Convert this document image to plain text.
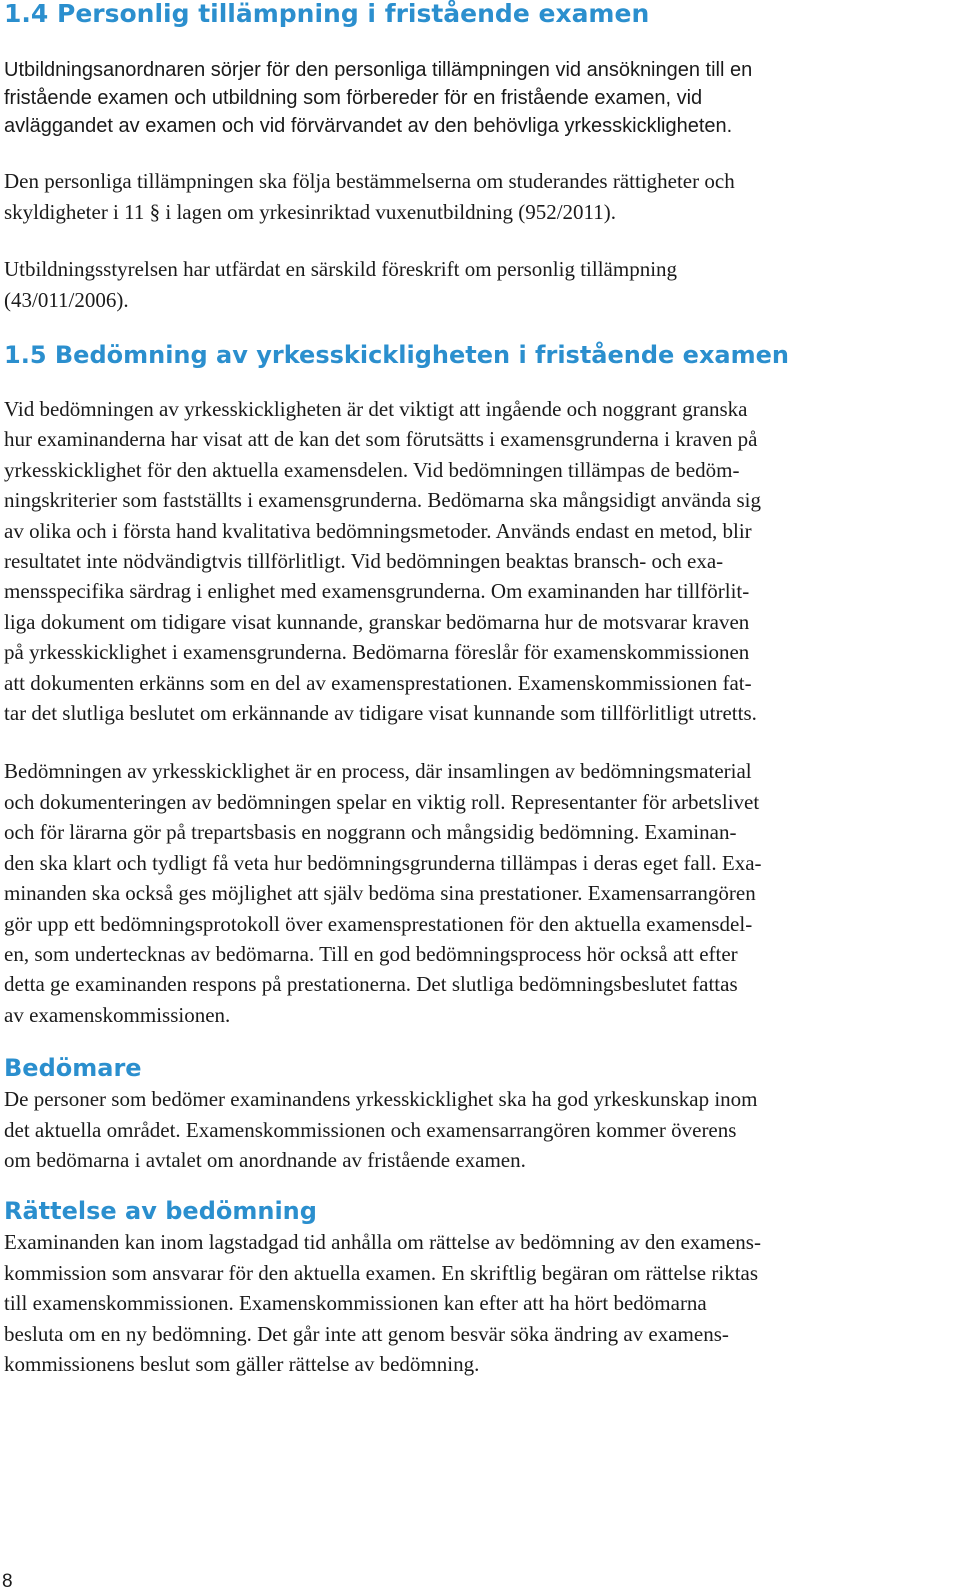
1.4 Personlig tillämpning i fristående examen
Utbildningsanordnaren sörjer för den personliga tillämpningen vid ansökningen till en
fristående examen och utbildning som förbereder för en fristående examen, vid
avläggandet av examen och vid förvärvandet av den behövliga yrkesskickligheten.
Den personliga tillämpningen ska följa bestämmelserna om studerandes rättigheter och
skyldigheter i 11 § i lagen om yrkesinriktad vuxenutbildning (952/2011).
Utbildningsstyrelsen har utfärdat en särskild föreskrift om personlig tillämpning
(43/011/2006).
1.5 Bedömning av yrkesskickligheten i fristående examen
Vid bedömningen av yrkesskickligheten är det viktigt att ingående och noggrant granska
hur examinanderna har visat att de kan det som förutsätts i examensgrunderna i kraven på
yrkesskicklighet för den aktuella examensdelen. Vid bedömningen tillämpas de bedöm-
ningskriterier som fastställts i examensgrunderna. Bedömarna ska mångsidigt använda sig
av olika och i första hand kvalitativa bedömningsmetoder. Används endast en metod, blir
resultatet inte nödvändigtvis tillförlitligt. Vid bedömningen beaktas bransch- och exa-
mensspecifika särdrag i enlighet med examensgrunderna. Om examinanden har tillförlit-
liga dokument om tidigare visat kunnande, granskar bedömarna hur de motsvarar kraven
på yrkesskicklighet i examensgrunderna. Bedömarna föreslår för examenskommissionen
att dokumenten erkänns som en del av examensprestationen. Examenskommissionen fat-
tar det slutliga beslutet om erkännande av tidigare visat kunnande som tillförlitligt utretts.
Bedömningen av yrkesskicklighet är en process, där insamlingen av bedömningsmaterial
och dokumenteringen av bedömningen spelar en viktig roll. Representanter för arbetslivet
och för lärarna gör på trepartsbasis en noggrann och mångsidig bedömning. Examinan-
den ska klart och tydligt få veta hur bedömningsgrunderna tillämpas i deras eget fall. Exa-
minanden ska också ges möjlighet att själv bedöma sina prestationer. Examensarrangören
gör upp ett bedömningsprotokoll över examensprestationen för den aktuella examensdel-
en, som undertecknas av bedömarna. Till en god bedömningsprocess hör också att efter
detta ge examinanden respons på prestationerna. Det slutliga bedömningsbeslutet fattas
av examenskommissionen.
Bedömare
De personer som bedömer examinandens yrkesskicklighet ska ha god yrkeskunskap inom
det aktuella området. Examenskommissionen och examensarrangören kommer överens
om bedömarna i avtalet om anordnande av fristående examen.
Rättelse av bedömning
Examinanden kan inom lagstadgad tid anhålla om rättelse av bedömning av den examens-
kommission som ansvarar för den aktuella examen. En skriftlig begäran om rättelse riktas
till examenskommissionen. Examenskommissionen kan efter att ha hört bedömarna
besluta om en ny bedömning. Det går inte att genom besvär söka ändring av examens-
kommissionens beslut som gäller rättelse av bedömning.
8
